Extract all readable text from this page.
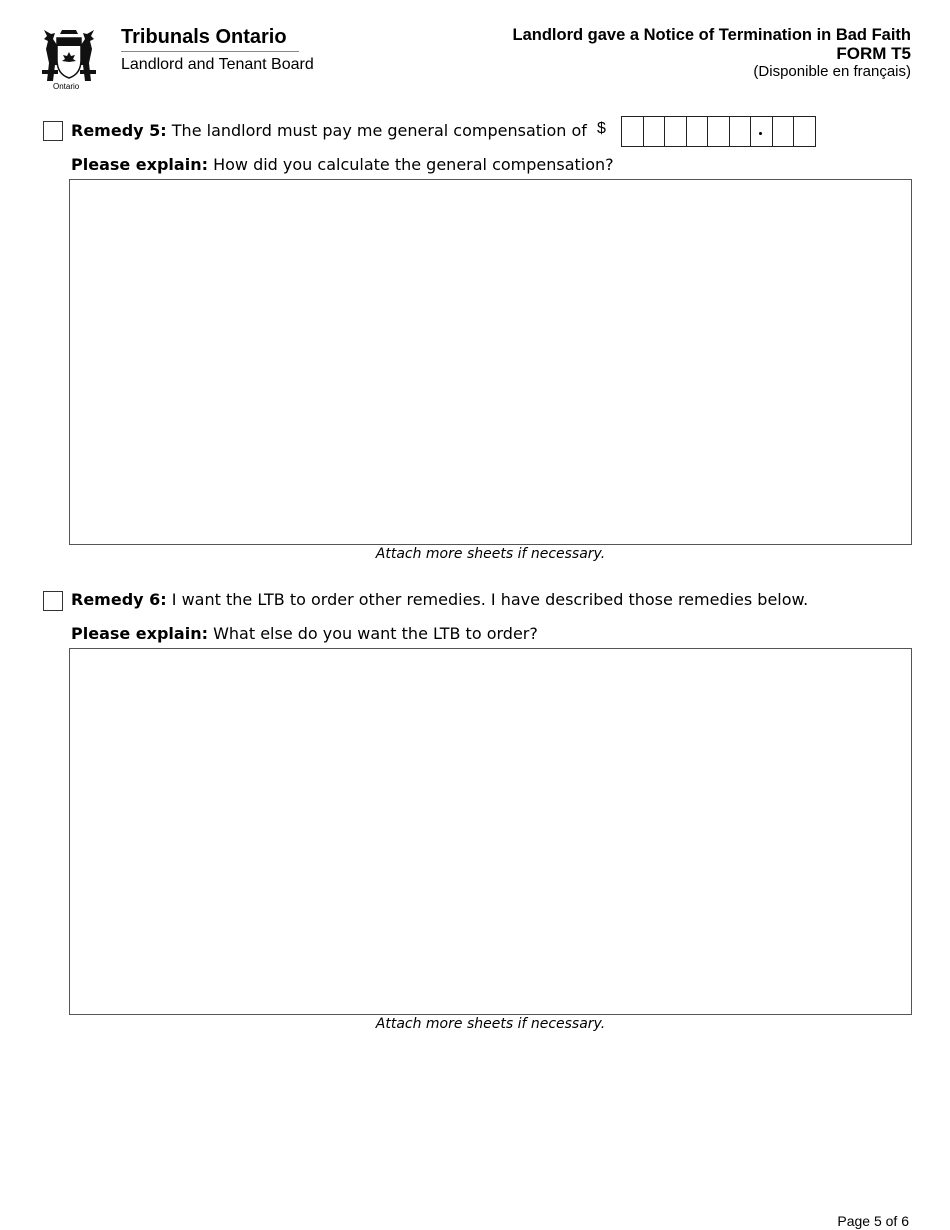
Ontario
Tribunals Ontario
Landlord and Tenant Board
Landlord gave a Notice of Termination in Bad Faith
FORM T5
(Disponible en français)
Remedy 5: The landlord must pay me general compensation of $
Please explain: How did you calculate the general compensation?
Attach more sheets if necessary.
Remedy 6: I want the LTB to order other remedies. I have described those remedies below.
Please explain: What else do you want the LTB to order?
Attach more sheets if necessary.
Page 5 of 6
